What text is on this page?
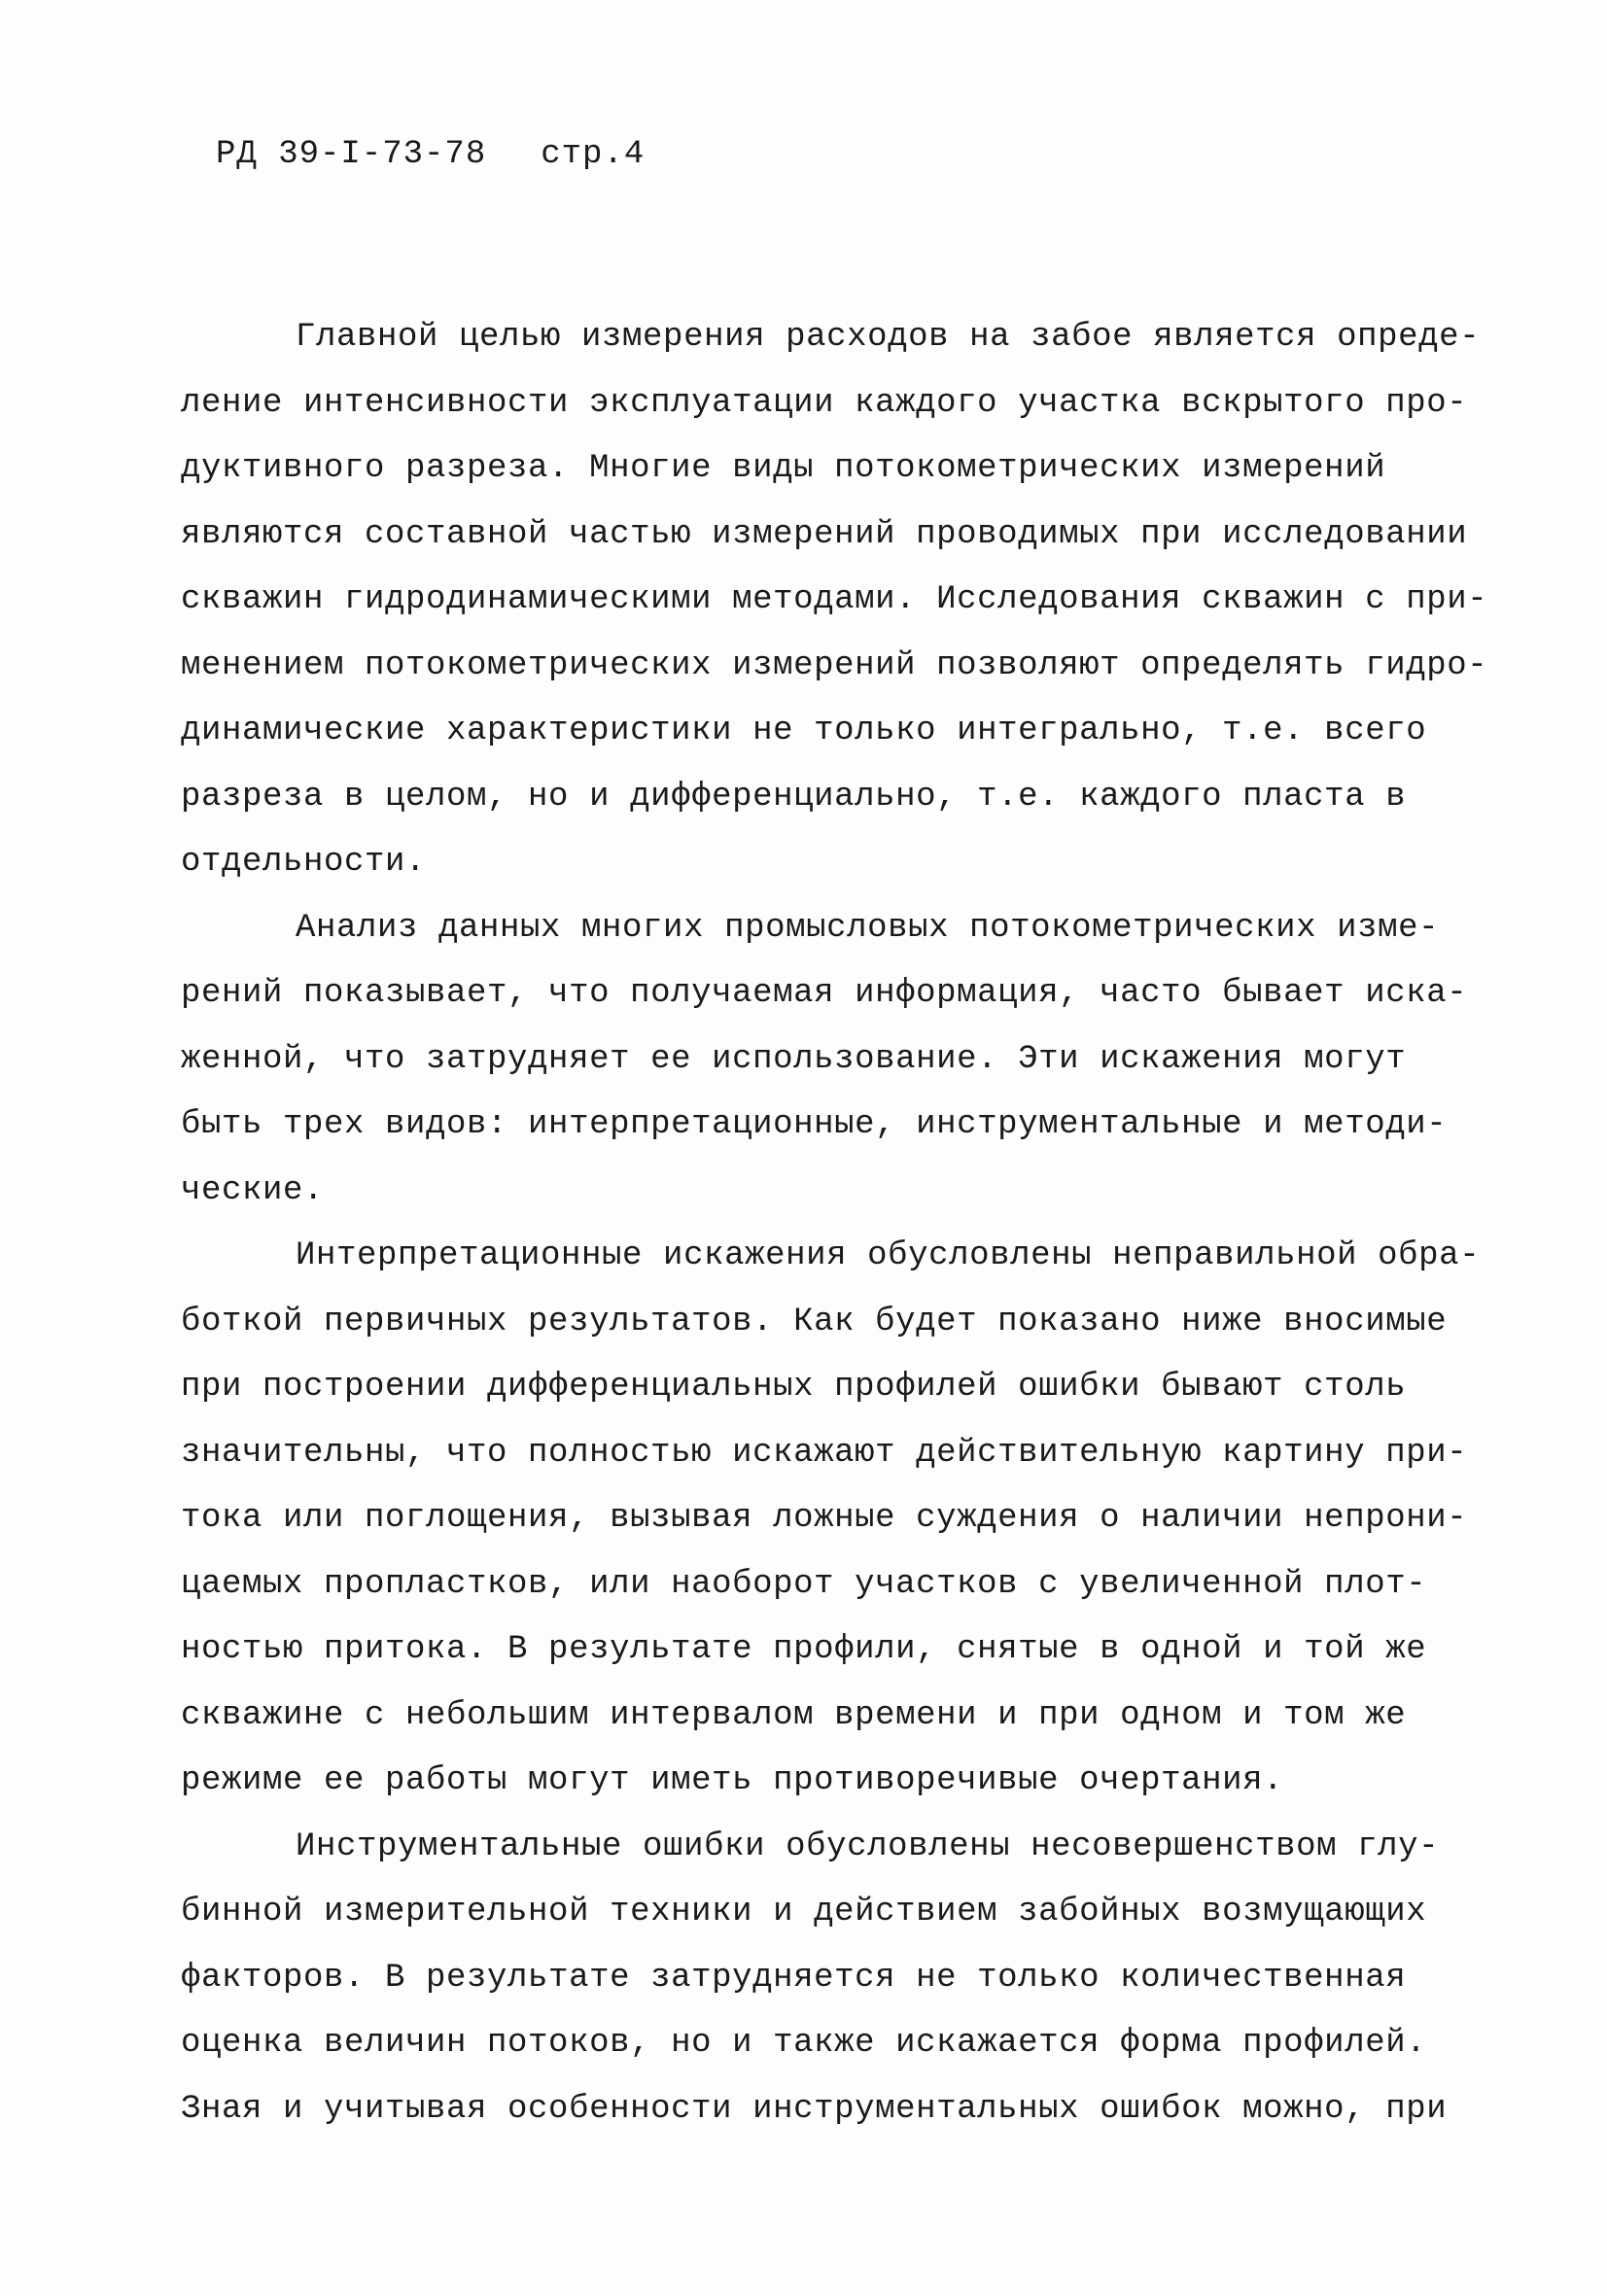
РД 39-I-73-78 стр.4
Главной целью измерения расходов на забое является опреде-
ление интенсивности эксплуатации каждого участка вскрытого про-
дуктивного разреза. Многие виды потокометрических измерений
являются составной частью измерений проводимых при исследовании
скважин гидродинамическими методами. Исследования скважин с при-
менением потокометрических измерений позволяют определять гидро-
динамические характеристики не только интегрально, т.е. всего
разреза в целом, но и дифференциально, т.е. каждого пласта в
отдельности.
Анализ данных многих промысловых потокометрических изме-
рений показывает, что получаемая информация, часто бывает иска-
женной, что затрудняет ее использование. Эти искажения могут
быть трех видов: интерпретационные, инструментальные и методи-
ческие.
Интерпретационные искажения обусловлены неправильной обра-
боткой первичных результатов. Как будет показано ниже вносимые
при построении дифференциальных профилей ошибки бывают столь
значительны, что полностью искажают действительную картину при-
тока или поглощения, вызывая ложные суждения о наличии непрони-
цаемых пропластков, или наоборот участков с увеличенной плот-
ностью притока. В результате профили, снятые в одной и той же
скважине с небольшим интервалом времени и при одном и том же
режиме ее работы могут иметь противоречивые очертания.
Инструментальные ошибки обусловлены несовершенством глу-
бинной измерительной техники и действием забойных возмущающих
факторов. В результате затрудняется не только количественная
оценка величин потоков, но и также искажается форма профилей.
Зная и учитывая особенности инструментальных ошибок можно, при
